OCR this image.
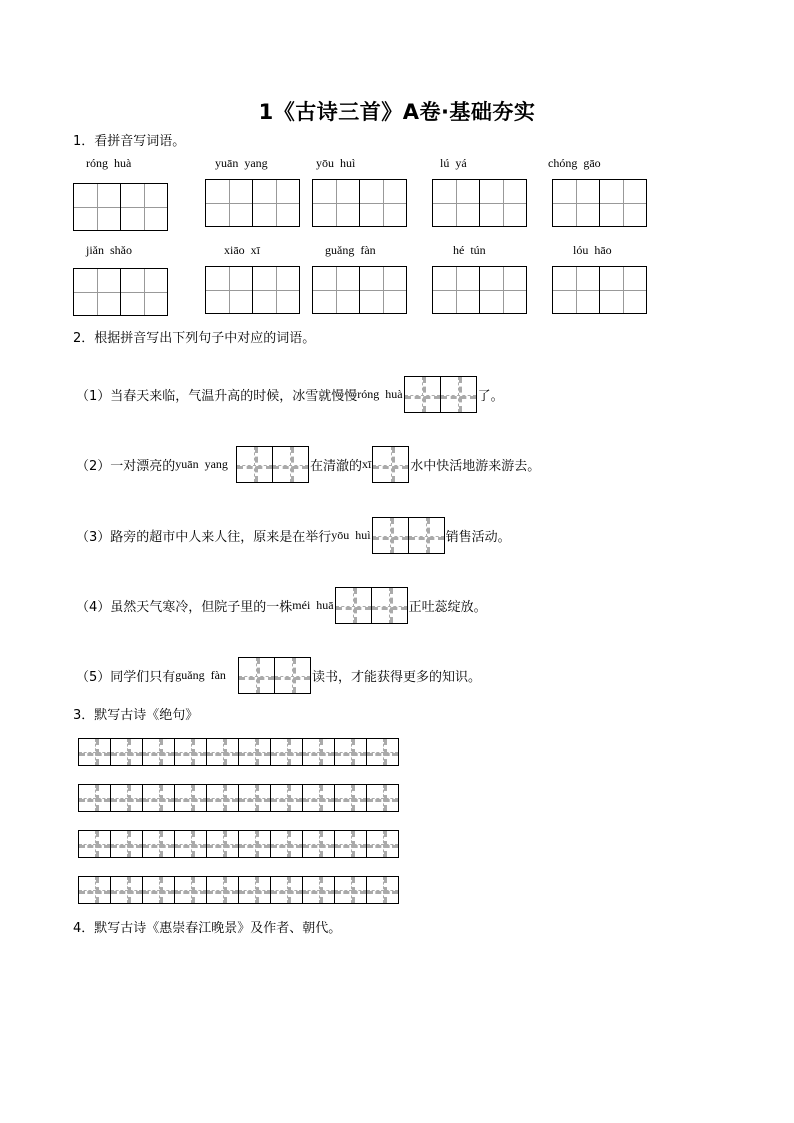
1《古诗三首》A卷·基础夯实
1．看拼音写词语。
róng  huà	yuān  yang	yōu  huì	lú  yá	chóng  gāo
jiǎn  shǎo	xiāo  xī	guǎng  fàn	hé  tún	lóu  hāo
2．根据拼音写出下列句子中对应的词语。
（1）当春天来临，气温升高的时候，冰雪就慢慢 róng  huà	了。
（2）一对漂亮的 yuān  yang	在清澈的 xī	水中快活地游来游去。
（3）路旁的超市中人来人往，原来是在举行 yōu  huì	销售活动。
（4）虽然天气寒冷，但院子里的一株 méi  huā	正吐蕊绽放。
（5）同学们只有 guǎng  fàn	读书，才能获得更多的知识。
3．默写古诗《绝句》
4．默写古诗《惠崇春江晚景》及作者、朝代。
